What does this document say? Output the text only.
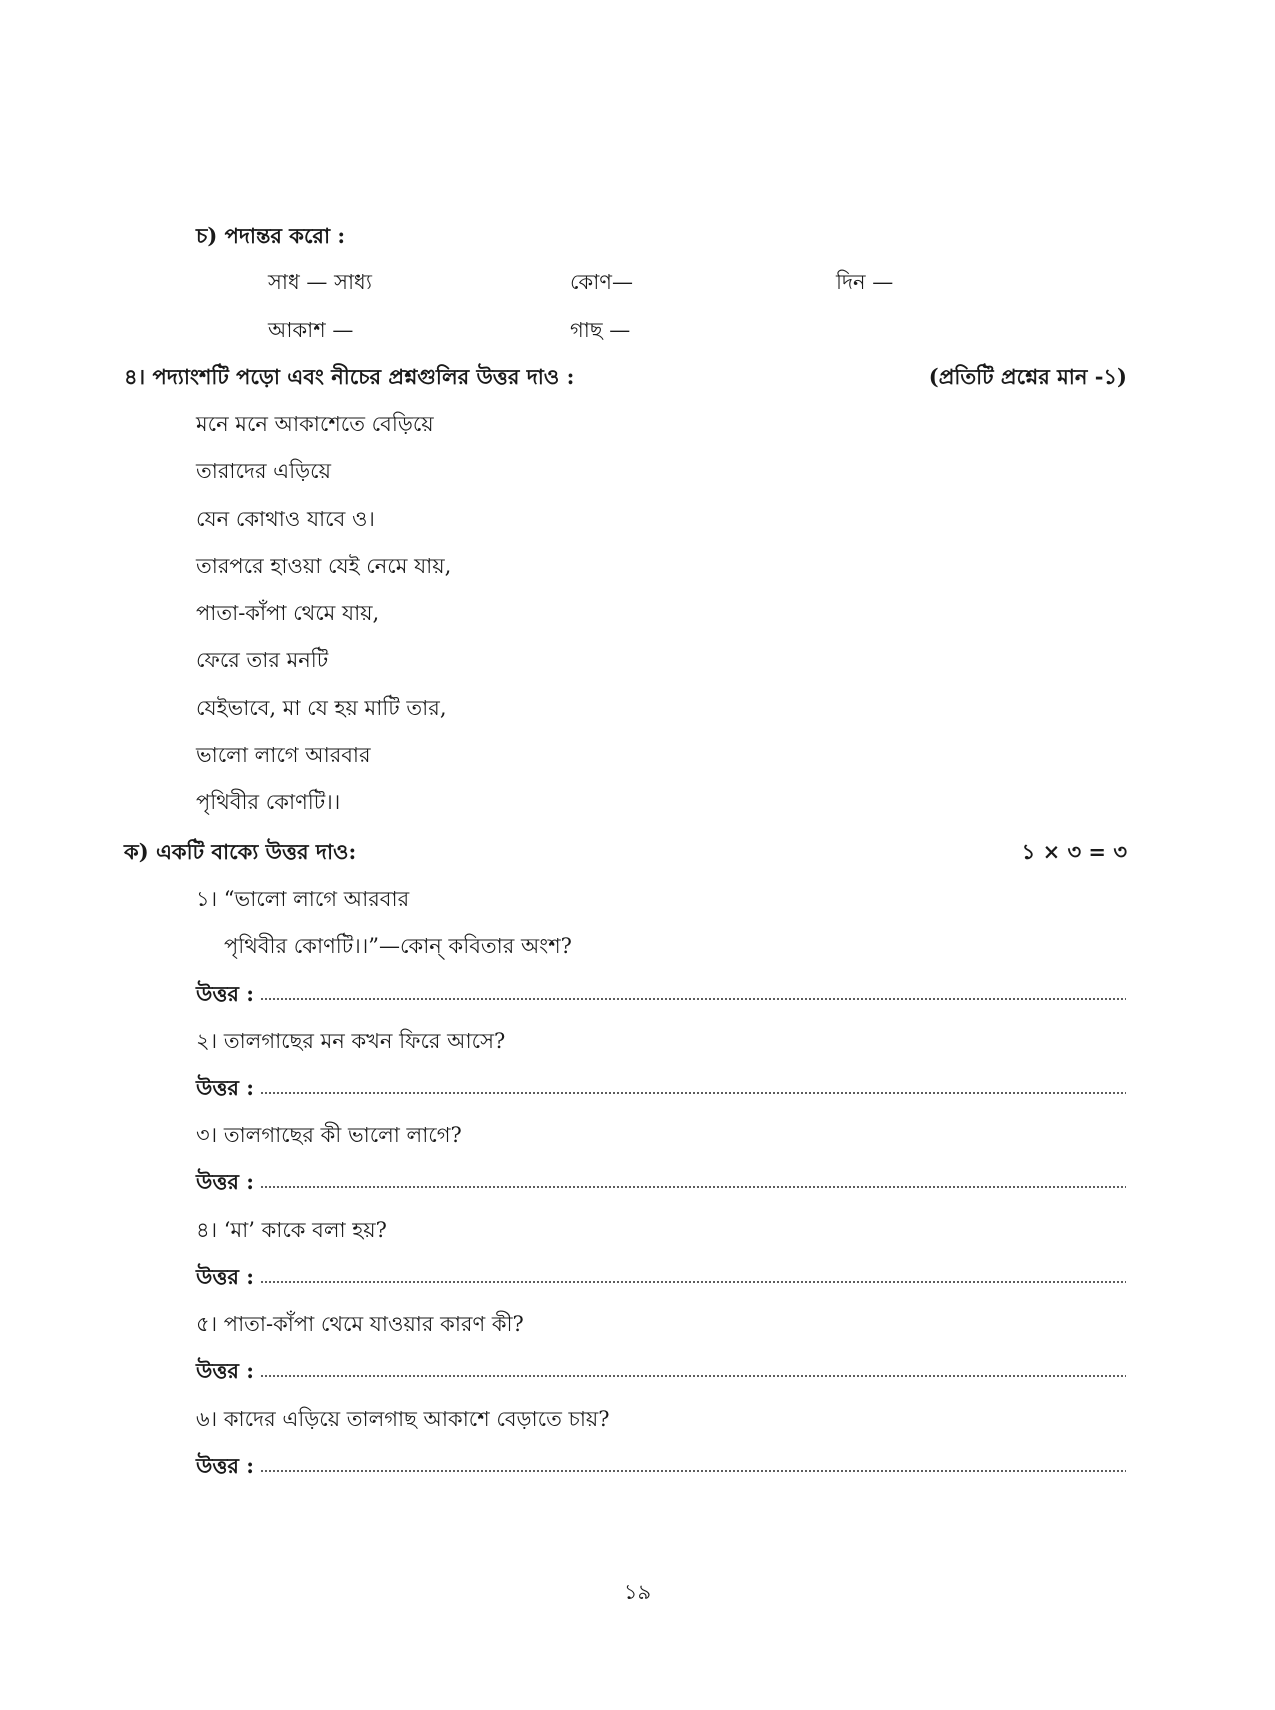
চ) পদান্তর করো :
সাধ — সাধ্য	কোণ—	দিন —
আকাশ —	গাছ —
৪। পদ্যাংশটি পড়ো এবং নীচের প্রশ্নগুলির উত্তর দাও :	(প্রতিটি প্রশ্নের মান -১)
মনে মনে আকাশেতে বেড়িয়ে
তারাদের এড়িয়ে
যেন কোথাও যাবে ও।
তারপরে হাওয়া যেই নেমে যায়,
পাতা-কাঁপা থেমে যায়,
ফেরে তার মনটি
যেইভাবে, মা যে হয় মাটি তার,
ভালো লাগে আরবার
পৃথিবীর কোণটি।।
ক) একটি বাক্যে উত্তর দাও:	১ × ৩ = ৩
১। “ভালো লাগে আরবার
পৃথিবীর কোণটি।।”—কোন্ কবিতার অংশ?
উত্তর :
২। তালগাছের মন কখন ফিরে আসে?
উত্তর :
৩। তালগাছের কী ভালো লাগে?
উত্তর :
৪। ‘মা’ কাকে বলা হয়?
উত্তর :
৫। পাতা-কাঁপা থেমে যাওয়ার কারণ কী?
উত্তর :
৬। কাদের এড়িয়ে তালগাছ আকাশে বেড়াতে চায়?
উত্তর :
১৯
